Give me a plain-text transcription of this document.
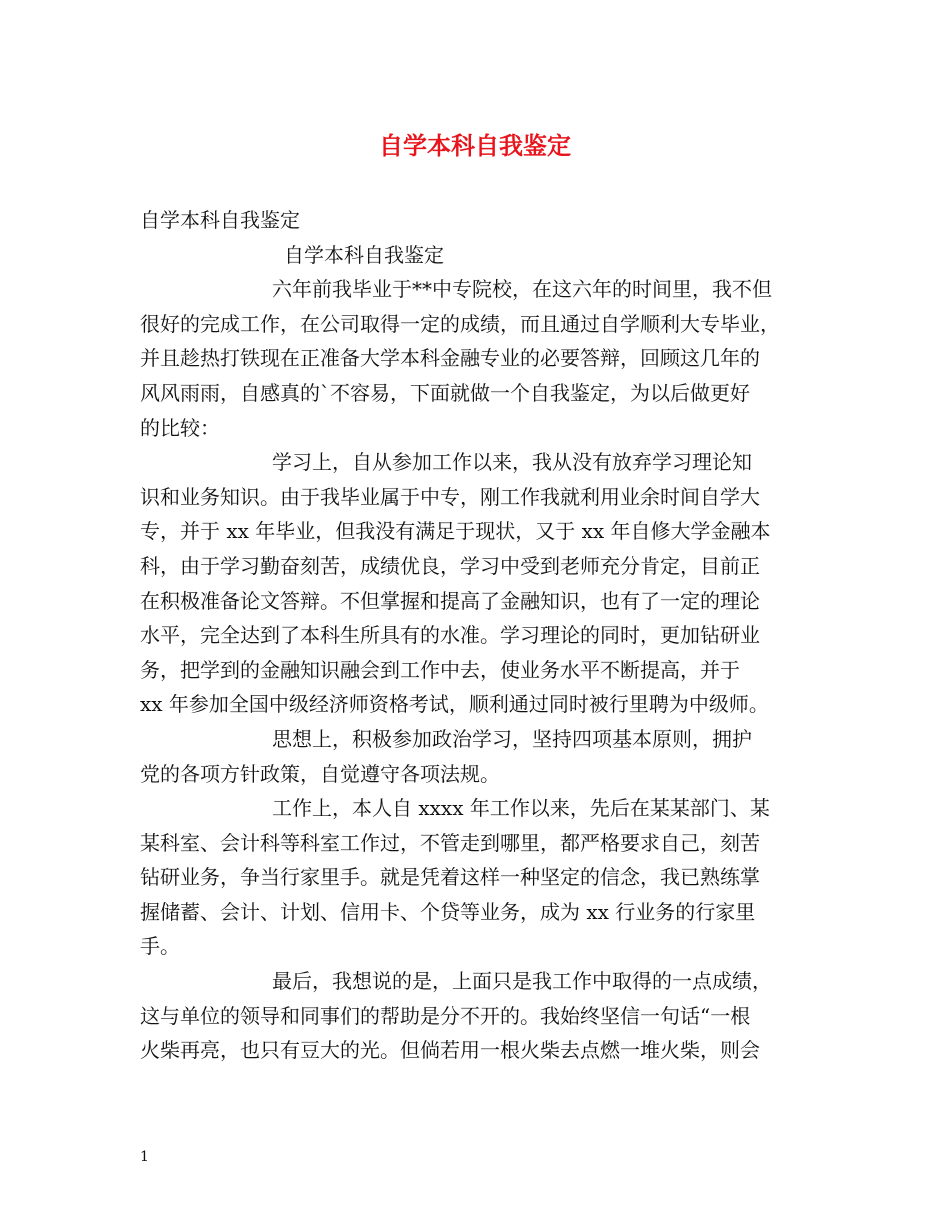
自学本科自我鉴定
自学本科自我鉴定
自学本科自我鉴定
六年前我毕业于**中专院校，在这六年的时间里，我不但
很好的完成工作，在公司取得一定的成绩，而且通过自学顺利大专毕业，
并且趁热打铁现在正准备大学本科金融专业的必要答辩，回顾这几年的
风风雨雨，自感真的`不容易，下面就做一个自我鉴定，为以后做更好
的比较：
学习上，自从参加工作以来，我从没有放弃学习理论知
识和业务知识。由于我毕业属于中专，刚工作我就利用业余时间自学大
专，并于 xx 年毕业，但我没有满足于现状，又于 xx 年自修大学金融本
科，由于学习勤奋刻苦，成绩优良，学习中受到老师充分肯定，目前正
在积极准备论文答辩。不但掌握和提高了金融知识，也有了一定的理论
水平，完全达到了本科生所具有的水准。学习理论的同时，更加钻研业
务，把学到的金融知识融会到工作中去，使业务水平不断提高，并于
xx 年参加全国中级经济师资格考试，顺利通过同时被行里聘为中级师。
思想上，积极参加政治学习，坚持四项基本原则，拥护
党的各项方针政策，自觉遵守各项法规。
工作上，本人自 xxxx 年工作以来，先后在某某部门、某
某科室、会计科等科室工作过，不管走到哪里，都严格要求自己，刻苦
钻研业务，争当行家里手。就是凭着这样一种坚定的信念，我已熟练掌
握储蓄、会计、计划、信用卡、个贷等业务，成为 xx 行业务的行家里
手。
最后，我想说的是，上面只是我工作中取得的一点成绩，
这与单位的领导和同事们的帮助是分不开的。我始终坚信一句话“一根
火柴再亮，也只有豆大的光。但倘若用一根火柴去点燃一堆火柴，则会
1
